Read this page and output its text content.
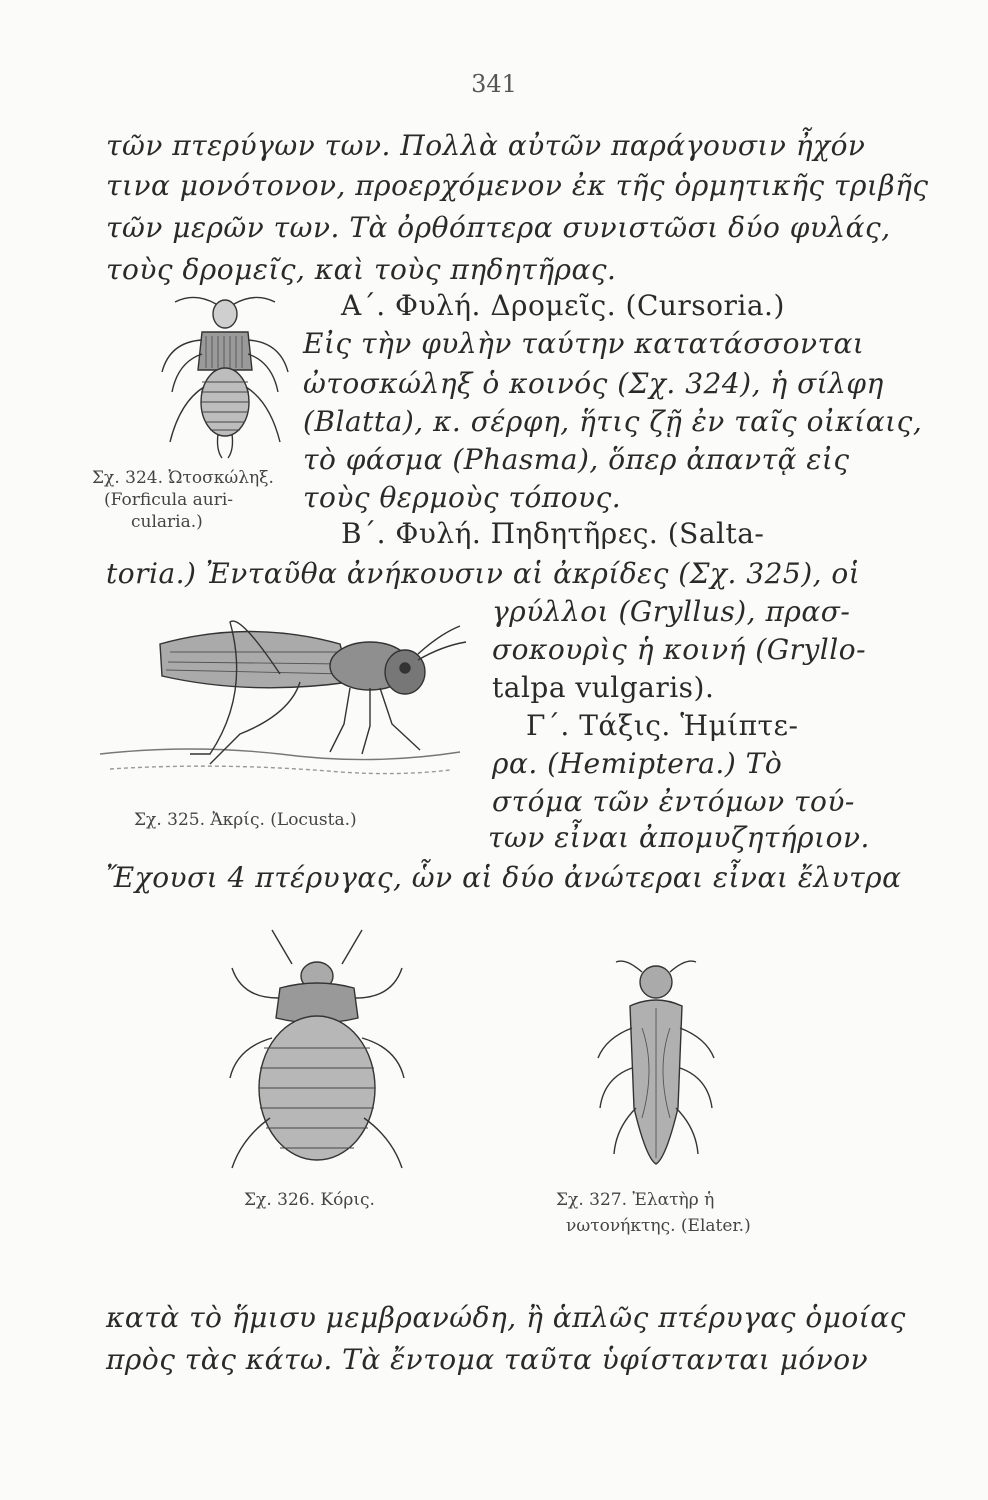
341
τῶν πτερύγων των. Πολλὰ αὐτῶν παράγουσιν ἦχόν
τινα μονότονον, προερχόμενον ἐκ τῆς ὁρμητικῆς τριβῆς
τῶν μερῶν των. Τὰ ὀρθόπτερα συνιστῶσι δύο φυλάς,
τοὺς δρομεῖς, καὶ τοὺς πηδητῆρας.
Σχ. 324. Ὠτοσκώληξ.
(Forficula auri-
cularia.)
Α΄. Φυλή. Δρομεῖς. (Cursoria.)
Εἰς τὴν φυλὴν ταύτην κατατάσσονται
ὠτοσκώληξ ὁ κοινός (Σχ. 324), ἡ σίλφη
(Blatta), κ. σέρφη, ἥτις ζῇ ἐν ταῖς οἰκίαις,
τὸ φάσμα (Phasma), ὅπερ ἀπαντᾷ εἰς
τοὺς θερμοὺς τόπους.
Β΄. Φυλή. Πηδητῆρες. (Salta-
toria.) Ἐνταῦθα ἀνήκουσιν αἱ ἀκρίδες (Σχ. 325), οἱ
Σχ. 325. Ἀκρίς. (Locusta.)
γρύλλοι (Gryllus), πρασ-
σοκουρὶς ἡ κοινή (Gryllo-
talpa vulgaris).
Γ΄. Τάξις. Ἡμίπτε-
ρα. (Hemiptera.) Τὸ
στόμα τῶν ἐντόμων τού-
των εἶναι ἀπομυζητήριον.
Ἔχουσι 4 πτέρυγας, ὧν αἱ δύο ἀνώτεραι εἶναι ἔλυτρα
Σχ. 326. Κόρις.	Σχ. 327. Ἐλατὴρ ἡ
νωτονήκτης. (Elater.)
κατὰ τὸ ἥμισυ μεμβρανώδη, ἢ ἁπλῶς πτέρυγας ὁμοίας
πρὸς τὰς κάτω. Τὰ ἔντομα ταῦτα ὑφίστανται μόνον
